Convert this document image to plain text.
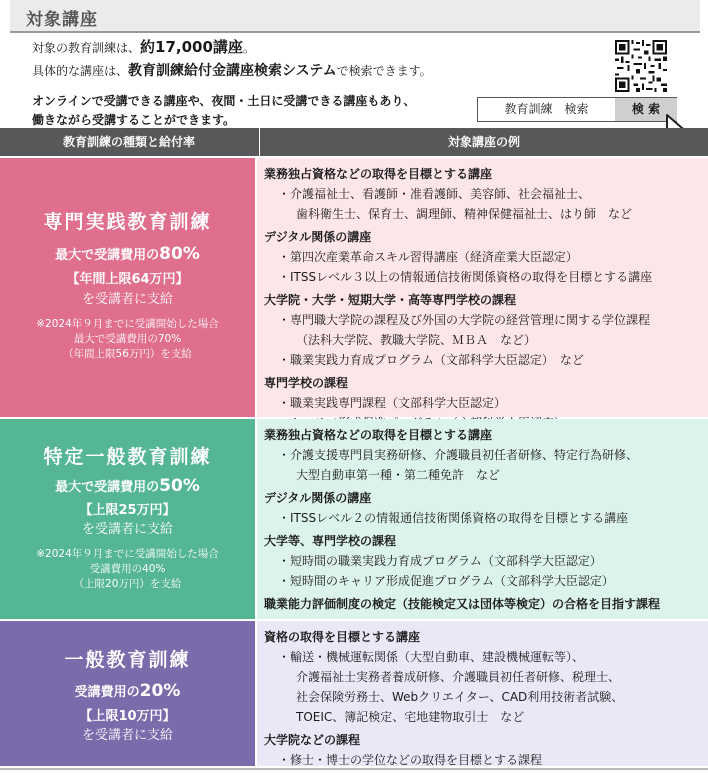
対象講座
対象の教育訓練は、約17,000講座。
具体的な講座は、教育訓練給付金講座検索システムで検索できます。
オンラインで受講できる講座や、夜間・土日に受講できる講座もあり、
働きながら受講することができます。
教育訓練　検索	検 索
教育訓練の種類と給付率	対象講座の例
専門実践教育訓練
最大で受講費用の80%
【年間上限64万円】
を受講者に支給
※2024年９月までに受講開始した場合
最大で受講費用の70%
（年間上限56万円）を支給
業務独占資格などの取得を目標とする講座
・介護福祉士、看護師・准看護師、美容師、社会福祉士、
歯科衛生士、保育士、調理師、精神保健福祉士、はり師　など
デジタル関係の講座
・第四次産業革命スキル習得講座（経済産業大臣認定）
・ITSSレベル３以上の情報通信技術関係資格の取得を目標とする講座
大学院・大学・短期大学・高等専門学校の課程
・専門職大学院の課程及び外国の大学院の経営管理に関する学位課程
（法科大学院、教職大学院、ＭＢＡ　など）
・職業実践力育成プログラム（文部科学大臣認定）　など
専門学校の課程
・職業実践専門課程（文部科学大臣認定）
特定一般教育訓練
最大で受講費用の50%
【上限25万円】
を受講者に支給
※2024年９月までに受講開始した場合
受講費用の40%
（上限20万円）を支給
業務独占資格などの取得を目標とする講座
・介護支援専門員実務研修、介護職員初任者研修、特定行為研修、
大型自動車第一種・第二種免許　など
デジタル関係の講座
・ITSSレベル２の情報通信技術関係資格の取得を目標とする講座
大学等、専門学校の課程
・短時間の職業実践力育成プログラム（文部科学大臣認定）
・短時間のキャリア形成促進プログラム（文部科学大臣認定）
職業能力評価制度の検定（技能検定又は団体等検定）の合格を目指す課程
一般教育訓練
受講費用の20%
【上限10万円】
を受講者に支給
資格の取得を目標とする講座
・輸送・機械運転関係（大型自動車、建設機械運転等）、
介護福祉士実務者養成研修、介護職員初任者研修、税理士、
社会保険労務士、Webクリエイター、CAD利用技術者試験、
TOEIC、簿記検定、宅地建物取引士　など
大学院などの課程
・修士・博士の学位などの取得を目標とする課程
